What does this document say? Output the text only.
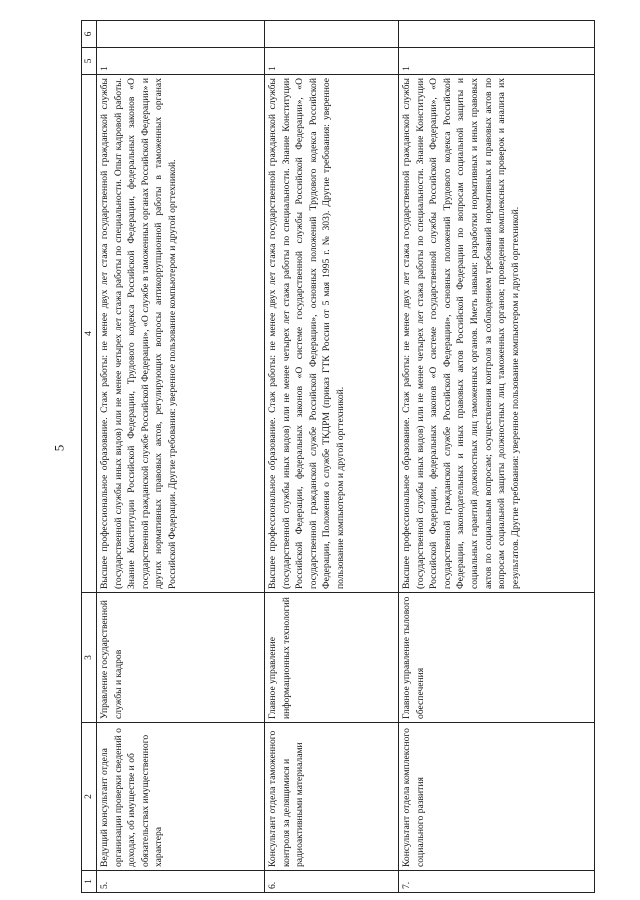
5
1	2	3	4	5	6
5.	Ведущий консультант отдела организации проверки сведений о доходах, об имуществе и об обязательствах имущественного характера	Управление государственной службы и кадров	Высшее профессиональное образование. Стаж работы: не менее двух лет стажа государственной гражданской службы (государственной службы иных видов) или не менее четырех лет стажа работы по специальности. Опыт кадровой работы. Знание Конституции Российской Федерации, Трудового кодекса Российской Федерации, федеральных законов «О государственной гражданской службе Российской Федерации», «О службе в таможенных органах Российской Федерации» и других нормативных правовых актов, регулирующих вопросы антикоррупционной работы в таможенных органах Российской Федерации. Другие требования: уверенное пользование компьютером и другой оргтехникой.	1	
6.	Консультант отдела таможенного контроля за делящимися и радиоактивными материалами	Главное управление информационных технологий	Высшее профессиональное образование. Стаж работы: не менее двух лет стажа государственной гражданской службы (государственной службы иных видов) или не менее четырех лет стажа работы по специальности. Знание Конституции Российской Федерации, федеральных законов «О системе государственной службы Российской Федерации», «О государственной гражданской службе Российской Федерации», основных положений Трудового кодекса Российской Федерации, Положения о службе ТКДРМ (приказ ГТК России от 5 мая 1995 г. № 303). Другие требования: уверенное пользование компьютером и другой оргтехникой.	1	
7.	Консультант отдела комплексного социального развития	Главное управление тылового обеспечения	Высшее профессиональное образование. Стаж работы: не менее двух лет стажа государственной гражданской службы (государственной службы иных видов) или не менее четырех лет стажа работы по специальности. Знание Конституции Российской Федерации, федеральных законов «О системе государственной службы Российской Федерации», «О государственной гражданской службе Российской Федерации», основных положений Трудового кодекса Российской Федерации, законодательных и иных правовых актов Российской Федерации по вопросам социальной защиты и социальных гарантий должностных лиц таможенных органов. Иметь навыки: разработки нормативных и иных правовых актов по социальным вопросам; осуществления контроля за соблюдением требований нормативных и правовых актов по вопросам социальной защиты должностных лиц таможенных органов; проведения комплексных проверок и анализа их результатов. Другие требования: уверенное пользование компьютером и другой оргтехникой.	1	
